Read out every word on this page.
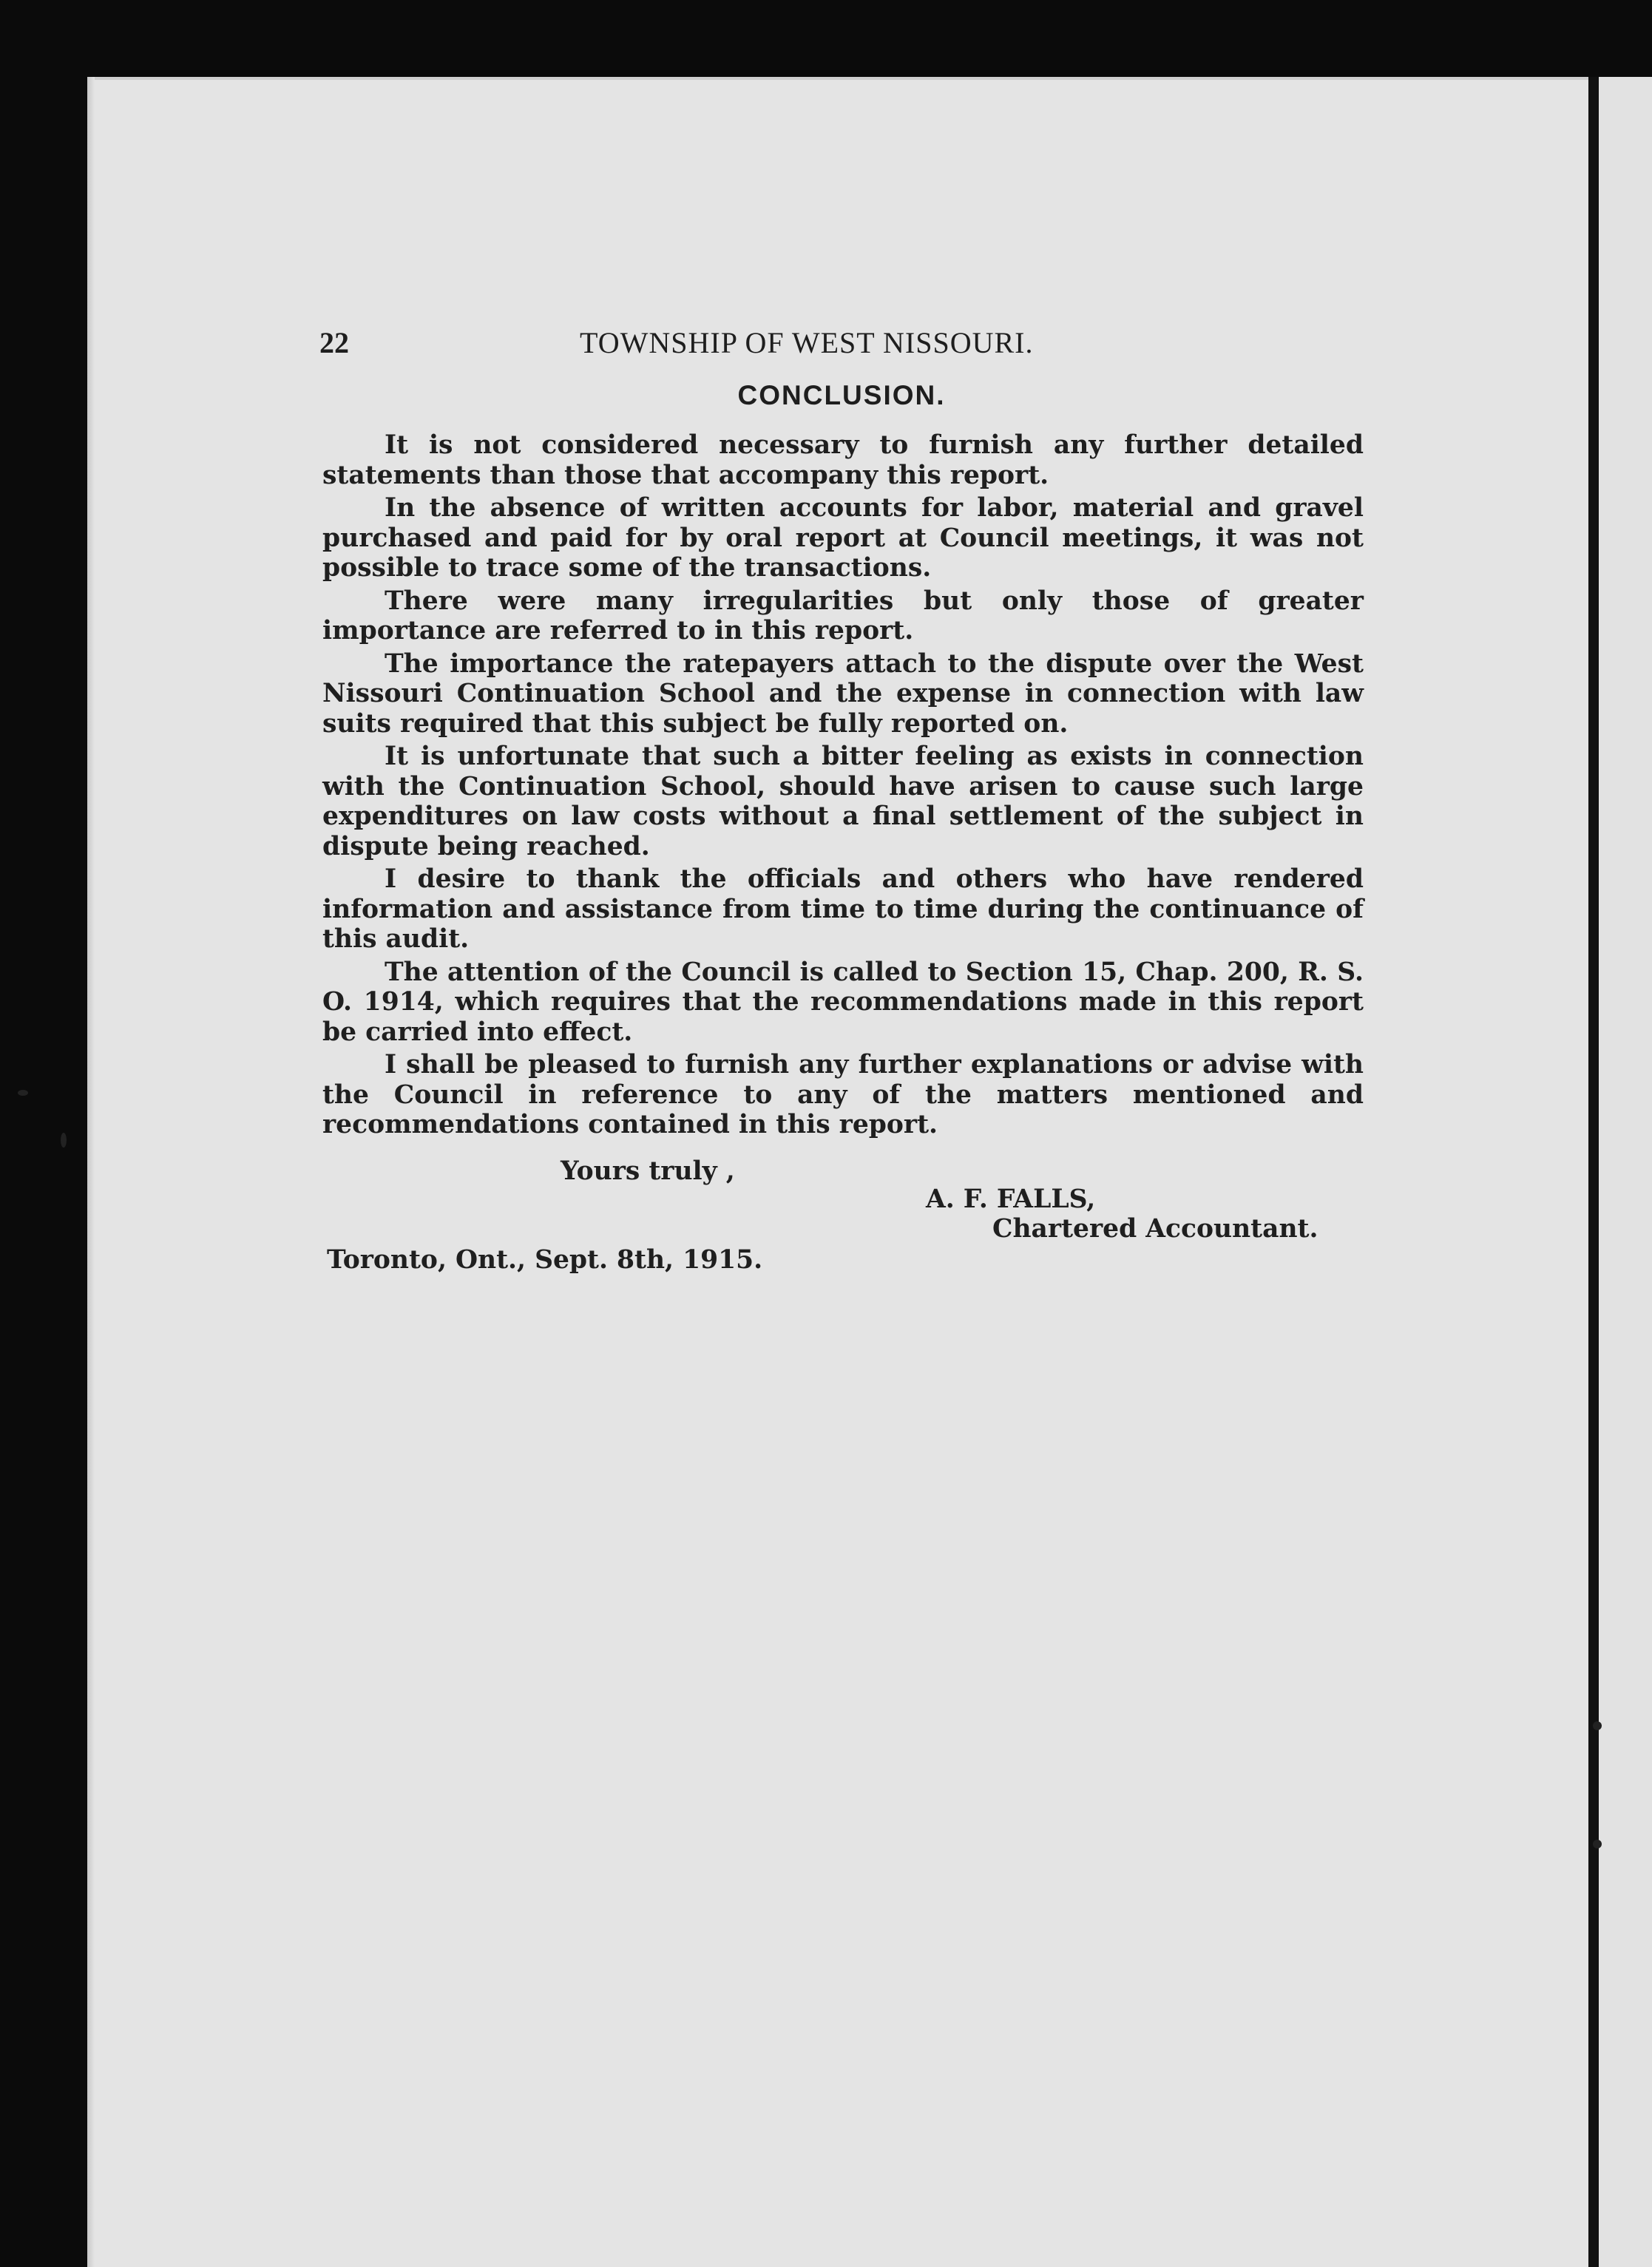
22	TOWNSHIP OF WEST NISSOURI.
CONCLUSION.

It is not considered necessary to furnish any further detailed statements than those that accompany this report.

In the absence of written accounts for labor, material and gravel purchased and paid for by oral report at Council meetings, it was not possible to trace some of the transactions.

There were many irregularities but only those of greater importance are referred to in this report.

The importance the ratepayers attach to the dispute over the West Nissouri Continuation School and the expense in connection with law suits required that this subject be fully reported on.

It is unfortunate that such a bitter feeling as exists in connection with the Continuation School, should have arisen to cause such large expenditures on law costs without a final settlement of the subject in dispute being reached.

I desire to thank the officials and others who have rendered information and assistance from time to time during the continuance of this audit.

The attention of the Council is called to Section 15, Chap. 200, R. S. O. 1914, which requires that the recommendations made in this report be carried into effect.

I shall be pleased to furnish any further explanations or advise with the Council in reference to any of the matters mentioned and recommendations contained in this report.

Yours truly ,
A. F. FALLS,
Chartered Accountant.
Toronto, Ont., Sept. 8th, 1915.
